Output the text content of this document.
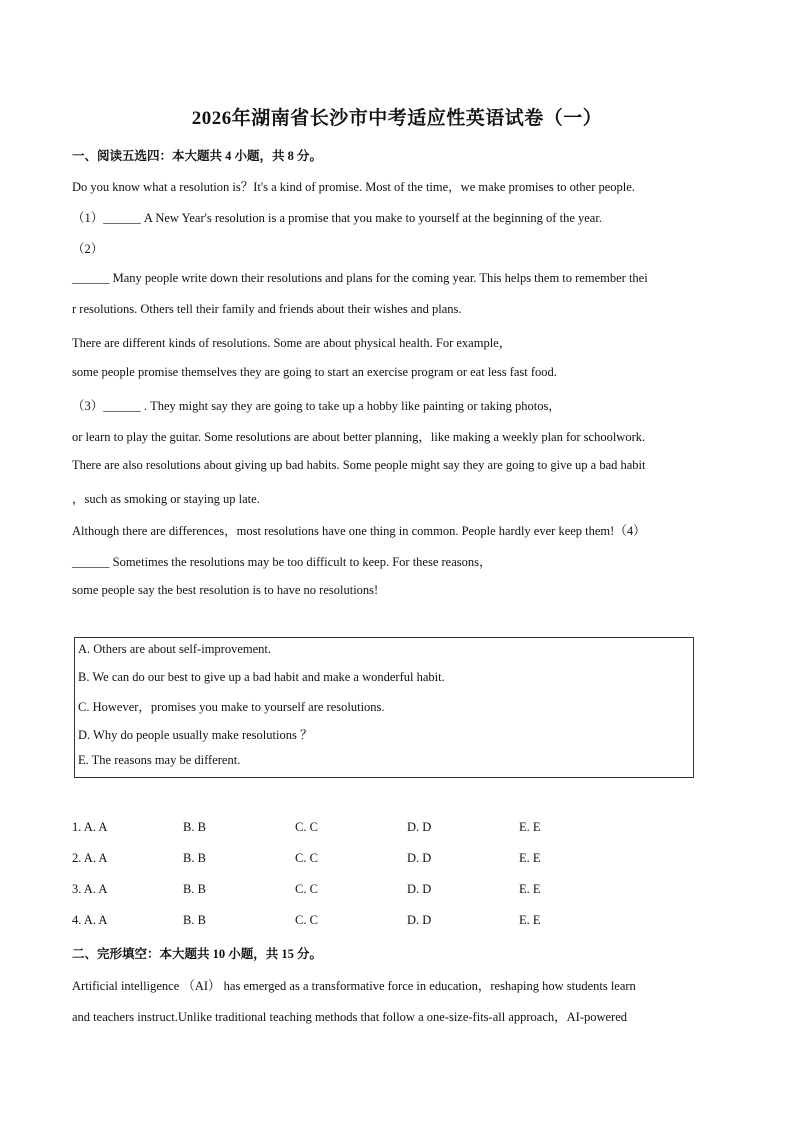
2026年湖南省长沙市中考适应性英语试卷（一）
一、阅读五选四：本大题共 4 小题，共 8 分。
Do you know what a resolution is？It's a kind of promise. Most of the time，we make promises to other people.
（1）______ A New Year's resolution is a promise that you make to yourself at the beginning of the year.
（2）
______ Many people write down their resolutions and plans for the coming year. This helps them to remember thei
r resolutions. Others tell their family and friends about their wishes and plans.
There are different kinds of resolutions. Some are about physical health. For example，
some people promise themselves they are going to start an exercise program or eat less fast food.
（3）______ . They might say they are going to take up a hobby like painting or taking photos，
or learn to play the guitar. Some resolutions are about better planning，like making a weekly plan for schoolwork.
There are also resolutions about giving up bad habits. Some people might say they are going to give up a bad habit
，such as smoking or staying up late.
Although there are differences，most resolutions have one thing in common. People hardly ever keep them!（4）
______ Sometimes the resolutions may be too difficult to keep. For these reasons，
some people say the best resolution is to have no resolutions!
A. Others are about self-improvement.
B. We can do our best to give up a bad habit and make a wonderful habit.
C. However，promises you make to yourself are resolutions.
D. Why do people usually make resolutions ？
E. The reasons may be different.
1. A. A	B. B	C. C	D. D	E. E
2. A. A	B. B	C. C	D. D	E. E
3. A. A	B. B	C. C	D. D	E. E
4. A. A	B. B	C. C	D. D	E. E
二、完形填空：本大题共 10 小题，共 15 分。
Artificial intelligence （AI） has emerged as a transformative force in education，reshaping how students learn
and teachers instruct.Unlike traditional teaching methods that follow a one-size-fits-all approach，AI-powered
